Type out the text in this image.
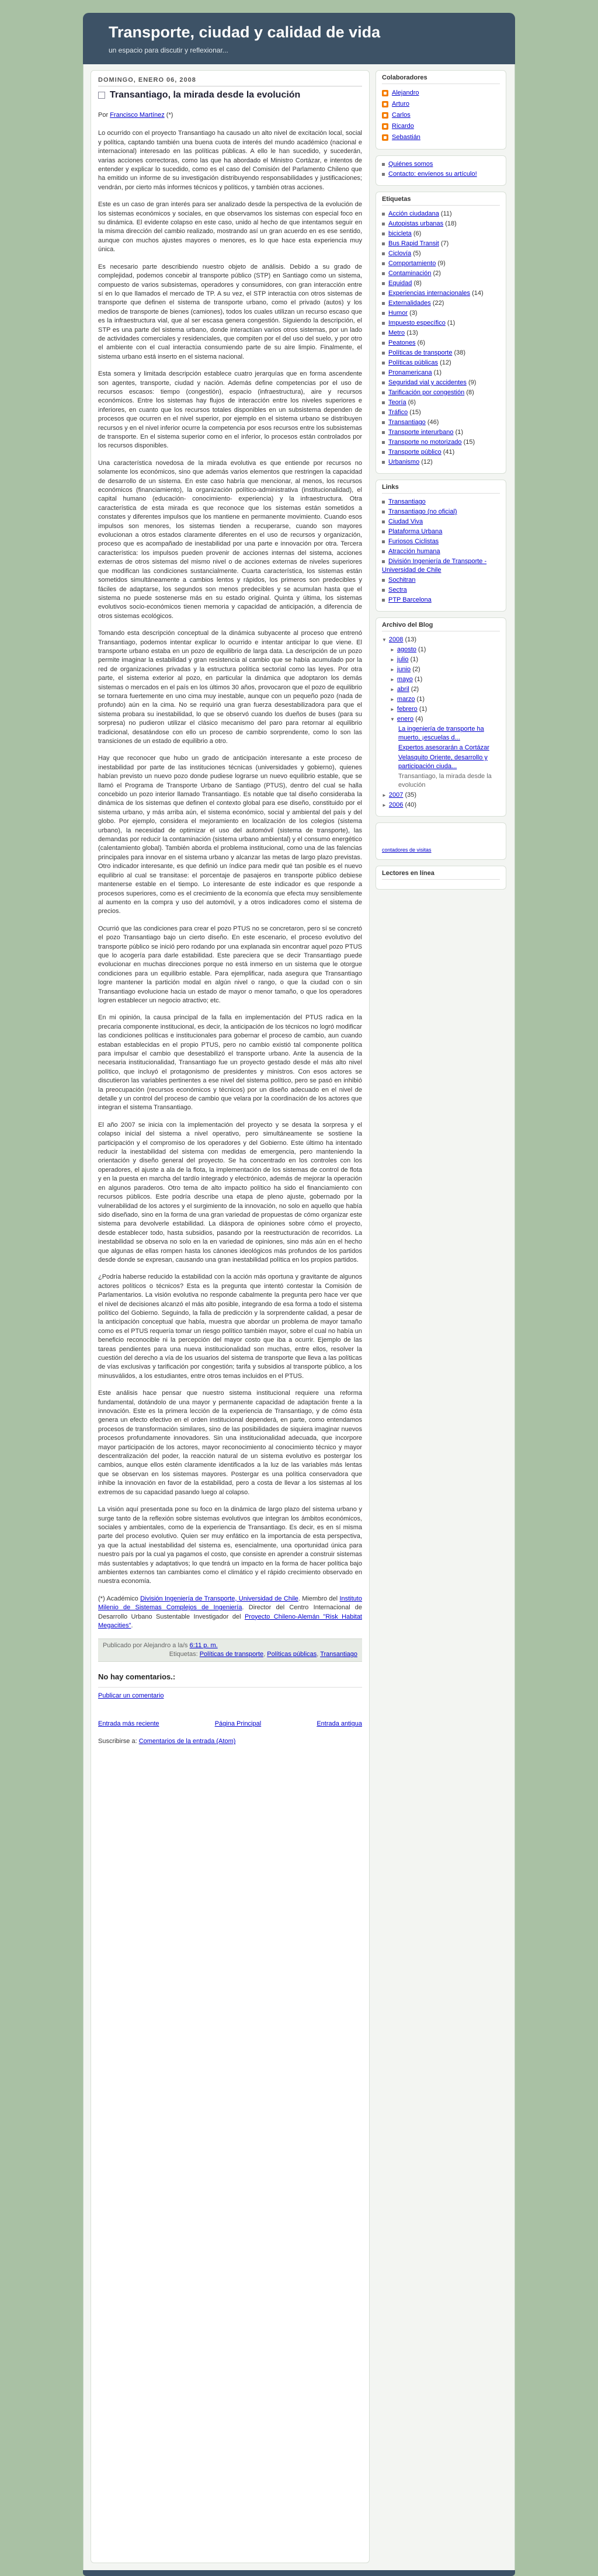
Transporte, ciudad y calidad de vida
un espacio para discutir y reflexionar...
DOMINGO, ENERO 06, 2008
Transantiago, la mirada desde la evolución

Por Francisco Martínez (*)

Lo ocurrido con el proyecto Transantiago ha causado un alto nivel de excitación local, social y política, captando también una buena cuota de interés del mundo académico (nacional e internacional) interesado en las políticas públicas. A ello le han sucedido, y sucederán, varias acciones correctoras, como las que ha abordado el Ministro Cortázar, e intentos de entender y explicar lo sucedido, como es el caso del Comisión del Parlamento Chileno que ha emitido un informe de su investigación distribuyendo responsabilidades y justificaciones; vendrán, por cierto más informes técnicos y políticos, y también otras acciones.

Este es un caso de gran interés para ser analizado desde la perspectiva de la evolución de los sistemas económicos y sociales, en que observamos los sistemas con especial foco en su dinámica. El evidente colapso en este caso, unido al hecho de que intentamos seguir en la misma dirección del cambio realizado, mostrando así un gran acuerdo en es ese sentido, aunque con muchos ajustes mayores o menores, es lo que hace esta experiencia muy única.

Es necesario parte describiendo nuestro objeto de análisis. Debido a su grado de complejidad, podemos concebir al transporte público (STP) en Santiago como un sistema, compuesto de varios subsistemas, operadores y consumidores, con gran interacción entre sí en lo que llamados el mercado de TP. A su vez, el STP interactúa con otros sistemas de transporte que definen el sistema de transporte urbano, como el privado (autos) y los medios de transporte de bienes (camiones), todos los cuales utilizan un recurso escaso que es la infraestructura vial, que al ser escasa genera congestión. Siguiendo la descripción, el STP es una parte del sistema urbano, donde interactúan varios otros sistemas, por un lado de actividades comerciales y residenciales, que compiten por el del uso del suelo, y por otro el ambiente con el cual interactúa consumiendo parte de su aire limpio. Finalmente, el sistema urbano está inserto en el sistema nacional.

Esta somera y limitada descripción establece cuatro jerarquías que en forma ascendente son agentes, transporte, ciudad y nación. Además define competencias por el uso de recursos escasos: tiempo (congestión), espacio (infraestructura), aire y recursos económicos. Entre los sistemas hay flujos de interacción entre los niveles superiores e inferiores, en cuanto que los recursos totales disponibles en un subsistema dependen de procesos que ocurren en el nivel superior, por ejemplo en el sistema urbano se distribuyen recursos y en el nivel inferior ocurre la competencia por esos recursos entre los subsistemas de transporte. En el sistema superior como en el inferior, lo procesos están controlados por los recursos disponibles.

Una característica novedosa de la mirada evolutiva es que entiende por recursos no solamente los económicos, sino que además varios elementos que restringen la capacidad de desarrollo de un sistema. En este caso habría que mencionar, al menos, los recursos económicos (financiamiento), la organización político-administrativa (institucionalidad), el capital humano (educación- conocimiento- experiencia) y la infraestructura. Otra característica de esta mirada es que reconoce que los sistemas están sometidos a constates y diferentes impulsos que los mantiene en permanente movimiento. Cuando esos impulsos son menores, los sistemas tienden a recuperarse, cuando son mayores evolucionan a otros estados claramente diferentes en el uso de recursos y organización, proceso que es acompañado de inestabilidad por una parte e innovación por otra. Tercera característica: los impulsos pueden provenir de acciones internas del sistema, acciones externas de otros sistemas del mismo nivel o de acciones externas de niveles superiores que modifican las condiciones sustancialmente. Cuarta característica, los sistemas están sometidos simultáneamente a cambios lentos y rápidos, los primeros son predecibles y fáciles de adaptarse, los segundos son menos predecibles y se acumulan hasta que el sistema no puede sostenerse más en su estado original. Quinta y última, los sistemas evolutivos socio-económicos tienen memoria y capacidad de anticipación, a diferencia de otros sistemas ecológicos.

Tomando esta descripción conceptual de la dinámica subyacente al proceso que entrenó Transantiago, podemos intentar explicar lo ocurrido e intentar anticipar lo que viene. El transporte urbano estaba en un pozo de equilibrio de larga data. La descripción de un pozo permite imaginar la estabilidad y gran resistencia al cambio que se había acumulado por la red de organizaciones privadas y la estructura política sectorial como las leyes. Por otra parte, el sistema exterior al pozo, en particular la dinámica que adoptaron los demás sistemas o mercados en el país en los últimos 30 años, provocaron que el pozo de equilibrio se tornara fuertemente en uno cima muy inestable, aunque con un pequeño pozo (nada de profundo) aún en la cima. No se requirió una gran fuerza desestabilizadora para que el sistema probara su inestabilidad, lo que se observó cuando los dueños de buses (para su sorpresa) no pudieron utilizar el clásico mecanismo del paro para retornar al equilibrio tradicional, desatándose con ello un proceso de cambio sorprendente, como lo son las transiciones de un estado de equilibrio a otro.

Hay que reconocer que hubo un grado de anticipación interesante a este proceso de inestabilidad por parte de las instituciones técnicas (universidades y gobierno), quienes habían previsto un nuevo pozo donde pudiese lograrse un nuevo equilibrio estable, que se llamó el Programa de Transporte Urbano de Santiago (PTUS), dentro del cual se halla concebido un pozo interior llamado Transantiago. Es notable que tal diseño consideraba la dinámica de los sistemas que definen el contexto global para ese diseño, constituido por el sistema urbano, y más arriba aún, el sistema económico, social y ambiental del país y del globo. Por ejemplo, considera el mejoramiento en localización de los colegios (sistema urbano), la necesidad de optimizar el uso del automóvil (sistema de transporte), las demandas por reducir la contaminación (sistema urbano ambiental) y el consumo energético (calentamiento global). También aborda el problema institucional, como una de las falencias principales para innovar en el sistema urbano y alcanzar las metas de largo plazo previstas. Otro indicador interesante, es que definió un índice para medir qué tan posible es el nuevo equilibrio al cual se transitase: el porcentaje de pasajeros en transporte público debiese mantenerse estable en el tiempo. Lo interesante de este indicador es que responde a procesos superiores, como es el crecimiento de la economía que efecta muy sensiblemente al aumento en la compra y uso del automóvil, y a otros indicadores como el sistema de precios.

Ocurrió que las condiciones para crear el pozo PTUS no se concretaron, pero sí se concretó el pozo Transantiago bajo un cierto diseño. En este escenario, el proceso evolutivo del transporte público se inició pero rodando por una explanada sin encontrar aquel pozo PTUS que lo acogería para darle estabilidad. Este pareciera que se decir Transantiago puede evolucionar en muchas direcciones porque no está inmerso en un sistema que le otorgue condiciones para un equilibrio estable. Para ejemplificar, nada asegura que Transantiago logre mantener la partición modal en algún nivel o rango, o que la ciudad con o sin Transantiago evolucione hacia un estado de mayor o menor tamaño, o que los operadores logren establecer un negocio atractivo; etc.

En mi opinión, la causa principal de la falla en implementación del PTUS radica en la precaria componente institucional, es decir, la anticipación de los técnicos no logró modificar las condiciones políticas e institucionales para gobernar el proceso de cambio, aun cuando estaban establecidas en el propio PTUS, pero no cambio existió tal componente política para impulsar el cambio que desestabilizó el transporte urbano. Ante la ausencia de la necesaria institucionalidad, Transantiago fue un proyecto gestado desde el más alto nivel político, que incluyó el protagonismo de presidentes y ministros. Con esos actores se discutieron las variables pertinentes a ese nivel del sistema político, pero se pasó en inhibió la preocupación (recursos económicos y técnicos) por un diseño adecuado en el nivel de detalle y un control del proceso de cambio que velara por la coordinación de los actores que integran el sistema Transantiago.

El año 2007 se inicia con la implementación del proyecto y se desata la sorpresa y el colapso inicial del sistema a nivel operativo, pero simultáneamente se sostiene la participación y el compromiso de los operadores y del Gobierno. Este último ha intentado reducir la inestabilidad del sistema con medidas de emergencia, pero manteniendo la orientación y diseño general del proyecto. Se ha concentrado en los controles con los operadores, el ajuste a ala de la flota, la implementación de los sistemas de control de flota y en la puesta en marcha del tardío integrado y electrónico, además de mejorar la operación en algunos paraderos. Otro tema de alto impacto político ha sido el financiamiento con recursos públicos. Este podría describe una etapa de pleno ajuste, gobernado por la vulnerabilidad de los actores y el surgimiento de la innovación, no solo en aquello que había sido diseñado, sino en la forma de una gran variedad de propuestas de cómo organizar este sistema para devolverle estabilidad. La diáspora de opiniones sobre cómo el proyecto, desde establecer todo, hasta subsidios, pasando por la reestructuración de recorridos. La inestabilidad se observa no solo en la en variedad de opiniones, sino más aún en el hecho que algunas de ellas rompen hasta los cánones ideológicos más profundos de los partidos desde donde se expresan, causando una gran inestabilidad política en los propios partidos.

¿Podría haberse reducido la estabilidad con la acción más oportuna y gravitante de algunos actores políticos o técnicos? Esta es la pregunta que intentó contestar la Comisión de Parlamentarios. La visión evolutiva no responde cabalmente la pregunta pero hace ver que el nivel de decisiones alcanzó el más alto posible, integrando de esa forma a todo el sistema político del Gobierno. Seguindo, la falla de predicción y la sorprendente calidad, a pesar de la anticipación conceptual que había, muestra que abordar un problema de mayor tamaño como es el PTUS requería tomar un riesgo político también mayor, sobre el cual no había un beneficio reconocible ni la percepción del mayor costo que iba a ocurrir. Ejemplo de las tareas pendientes para una nueva institucionalidad son muchas, entre ellos, resolver la cuestión del derecho a vía de los usuarios del sistema de transporte que lleva a las políticas de vías exclusivas y tarificación por congestión; tarifa y subsidios al transporte público, a los minusválidos, a los estudiantes, entre otros temas incluidos en el PTUS.

Este análisis hace pensar que nuestro sistema institucional requiere una reforma fundamental, dotándolo de una mayor y permanente capacidad de adaptación frente a la innovación. Este es la primera lección de la experiencia de Transantiago, y de cómo ésta genera un efecto efectivo en el orden institucional dependerá, en parte, como entendamos procesos de transformación similares, sino de las posibilidades de siquiera imaginar nuevos procesos profundamente innovadores. Sin una institucionalidad adecuada, que incorpore mayor participación de los actores, mayor reconocimiento al conocimiento técnico y mayor descentralización del poder, la reacción natural de un sistema evolutivo es postergar los cambios, aunque ellos estén claramente identificados a la luz de las variables más lentas que se observan en los sistemas mayores. Postergar es una política conservadora que inhibe la innovación en favor de la estabilidad, pero a costa de llevar a los sistemas al los extremos de su capacidad pasando luego al colapso.

La visión aquí presentada pone su foco en la dinámica de largo plazo del sistema urbano y surge tanto de la reflexión sobre sistemas evolutivos que integran los ámbitos económicos, sociales y ambientales, como de la experiencia de Transantiago. Es decir, es en sí misma parte del proceso evolutivo. Quien ser muy enfático en la importancia de esta perspectiva, ya que la actual inestabilidad del sistema es, esencialmente, una oportunidad única para nuestro país por la cual ya pagamos el costo, que consiste en aprender a construir sistemas más sustentables y adaptativos; lo que tendrá un impacto en la forma de hacer política bajo ambientes externos tan cambiantes como el climático y el rápido crecimiento observado en nuestra economía.

(*) Académico División Ingeniería de Transporte, Universidad de Chile. Miembro del Instituto Milenio de Sistemas Complejos de Ingeniería. Director del Centro Internacional de Desarrollo Urbano Sustentable Investigador del Proyecto Chileno-Alemán "Risk Habitat Megacities".

Publicado por Alejandro a la/s 6:11 p. m.
Etiquetas: Políticas de transporte, Políticas públicas, Transantiago
No hay comentarios.:
Publicar un comentario
Entrada más reciente	Página Principal	Entrada antigua
Suscribirse a: Comentarios de la entrada (Atom)
Colaboradores
Alejandro
Arturo
Carlos
Ricardo
Sebastián
Quiénes somos
Contacto: envíenos su artículo!
Etiquetas
Acción ciudadana (11)
Autopistas urbanas (18)
bicicleta (6)
Bus Rapid Transit (7)
Ciclovía (5)
Comportamiento (9)
Contaminación (2)
Equidad (8)
Experiencias internacionales (14)
Externalidades (22)
Humor (3)
Impuesto específico (1)
Metro (13)
Peatones (6)
Políticas de transporte (38)
Políticas públicas (12)
Pronamericana (1)
Seguridad vial y accidentes (9)
Tarificación por congestión (8)
Teoría (6)
Tráfico (15)
Transantiago (46)
Transporte interurbano (1)
Transporte no motorizado (15)
Transporte público (41)
Urbanismo (12)
Links
Transantiago
Transantiago (no oficial)
Ciudad Viva
Plataforma Urbana
Furiosos Ciclistas
Atracción humana
División Ingeniería de Transporte - Universidad de Chile
Sochitran
Sectra
PTP Barcelona
Archivo del Blog
▼ 2008 (13)
► agosto (1)
► julio (1)
► junio (2)
► mayo (1)
► abril (2)
► marzo (1)
► febrero (1)
▼ enero (4)
La ingeniería de transporte ha muerto, ¡escuelas d...
Expertos asesorarán a Cortázar
Velasquito Oriente, desarrollo y participación ciuda...
Transantiago, la mirada desde la evolución
► 2007 (35)
► 2006 (40)
contadores de visitas
Lectores en línea
